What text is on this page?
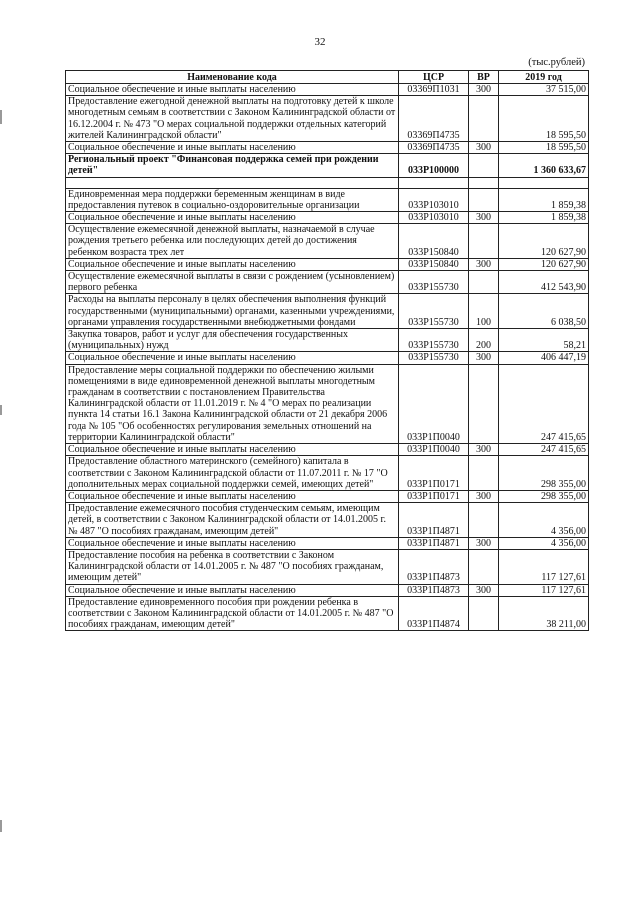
32
(тыс.рублей)
Наименование кода	ЦСР	ВР	2019 год
Социальное обеспечение и иные выплаты населению	03369П1031	300	37 515,00
Предоставление ежегодной денежной выплаты на подготовку детей к школе многодетным семьям в соответствии с Законом Калининградской области от 16.12.2004 г. № 473 "О мерах социальной поддержки отдельных категорий жителей Калининградской области"	03369П4735		18 595,50
Социальное обеспечение и иные выплаты населению	03369П4735	300	18 595,50
Региональный проект "Финансовая поддержка семей при рождении детей"	033Р100000		1 360 633,67

Единовременная мера поддержки беременным женщинам в виде предоставления путевок в социально-оздоровительные организации	033Р103010		1 859,38
Социальное обеспечение и иные выплаты населению	033Р103010	300	1 859,38
Осуществление ежемесячной денежной выплаты, назначаемой в случае рождения третьего ребенка или последующих детей до достижения ребенком возраста трех лет	033Р150840		120 627,90
Социальное обеспечение и иные выплаты населению	033Р150840	300	120 627,90
Осуществление ежемесячной выплаты в связи с рождением (усыновлением) первого ребенка	033Р155730		412 543,90
Расходы на выплаты персоналу в целях обеспечения выполнения функций государственными (муниципальными) органами, казенными учреждениями, органами управления государственными внебюджетными фондами	033Р155730	100	6 038,50
Закупка товаров, работ и услуг для обеспечения государственных (муниципальных) нужд	033Р155730	200	58,21
Социальное обеспечение и иные выплаты населению	033Р155730	300	406 447,19
Предоставление меры социальной поддержки по обеспечению жилыми помещениями в виде единовременной денежной выплаты многодетным гражданам в соответствии с постановлением Правительства Калининградской области от 11.01.2019 г. № 4 "О мерах по реализации пункта 14 статьи 16.1 Закона Калининградской области от 21 декабря 2006 года № 105 "Об особенностях регулирования земельных отношений на территории Калининградской области"	033Р1П0040		247 415,65
Социальное обеспечение и иные выплаты населению	033Р1П0040	300	247 415,65
Предоставление областного материнского (семейного) капитала в соответствии с Законом Калининградской области от 11.07.2011 г. № 17 "О дополнительных мерах социальной поддержки семей, имеющих детей"	033Р1П0171		298 355,00
Социальное обеспечение и иные выплаты населению	033Р1П0171	300	298 355,00
Предоставление ежемесячного пособия студенческим семьям, имеющим детей, в соответствии с Законом Калининградской области от 14.01.2005 г. № 487 "О пособиях гражданам, имеющим детей"	033Р1П4871		4 356,00
Социальное обеспечение и иные выплаты населению	033Р1П4871	300	4 356,00
Предоставление пособия на ребенка в соответствии с Законом Калининградской области от 14.01.2005 г. № 487 "О пособиях гражданам, имеющим детей"	033Р1П4873		117 127,61
Социальное обеспечение и иные выплаты населению	033Р1П4873	300	117 127,61
Предоставление единовременного пособия при рождении ребенка в соответствии с Законом Калининградской области от 14.01.2005 г. № 487 "О пособиях гражданам, имеющим детей"	033Р1П4874		38 211,00
